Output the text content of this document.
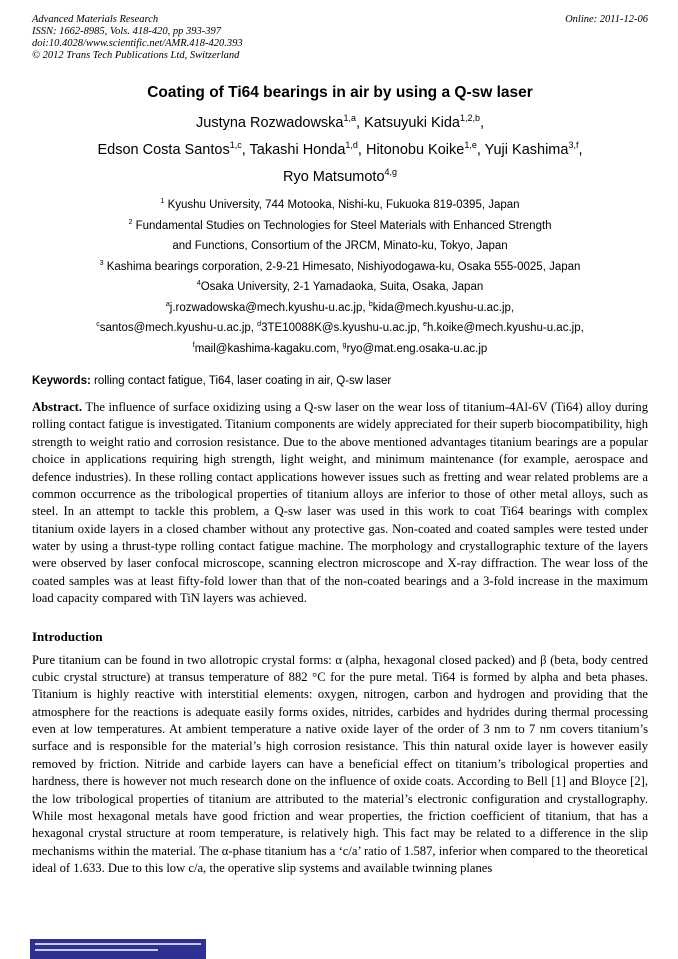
Advanced Materials Research
ISSN: 1662-8985, Vols. 418-420, pp 393-397
doi:10.4028/www.scientific.net/AMR.418-420.393
© 2012 Trans Tech Publications Ltd, Switzerland
Online: 2011-12-06
Coating of Ti64 bearings in air by using a Q-sw laser
Justyna Rozwadowska$^{1,a}$, Katsuyuki Kida$^{1,2,b}$,
Edson Costa Santos$^{1,c}$, Takashi Honda$^{1,d}$, Hitonobu Koike$^{1,e}$, Yuji Kashima$^{3,f}$,
Ryo Matsumoto$^{4,g}$
$^1$ Kyushu University, 744 Motooka, Nishi-ku, Fukuoka 819-0395, Japan
$^2$ Fundamental Studies on Technologies for Steel Materials with Enhanced Strength
and Functions, Consortium of the JRCM, Minato-ku, Tokyo, Japan
$^3$ Kashima bearings corporation, 2-9-21 Himesato, Nishiyodogawa-ku, Osaka 555-0025, Japan
$^4$Osaka University, 2-1 Yamadaoka, Suita, Osaka, Japan
$^a$j.rozwadowska@mech.kyushu-u.ac.jp, $^b$kida@mech.kyushu-u.ac.jp,
$^c$santos@mech.kyushu-u.ac.jp, $^d$3TE10088K@s.kyushu-u.ac.jp, $^e$h.koike@mech.kyushu-u.ac.jp,
$^f$mail@kashima-kagaku.com, $^g$ryo@mat.eng.osaka-u.ac.jp

Keywords: rolling contact fatigue, Ti64, laser coating in air, Q-sw laser

Abstract. The influence of surface oxidizing using a Q-sw laser on the wear loss of titanium-4Al-6V (Ti64) alloy during rolling contact fatigue is investigated. Titanium components are widely appreciated for their superb biocompatibility, high strength to weight ratio and corrosion resistance. Due to the above mentioned advantages titanium bearings are a popular choice in applications requiring high strength, light weight, and minimum maintenance (for example, aerospace and defence industries). In these rolling contact applications however issues such as fretting and wear related problems are a common occurrence as the tribological properties of titanium alloys are inferior to those of other metal alloys, such as steel. In an attempt to tackle this problem, a Q-sw laser was used in this work to coat Ti64 bearings with complex titanium oxide layers in a closed chamber without any protective gas. Non-coated and coated samples were tested under water by using a thrust-type rolling contact fatigue machine. The morphology and crystallographic texture of the layers were observed by laser confocal microscope, scanning electron microscope and X-ray diffraction. The wear loss of the coated samples was at least fifty-fold lower than that of the non-coated bearings and a 3-fold increase in the maximum load capacity compared with TiN layers was achieved.

Introduction

Pure titanium can be found in two allotropic crystal forms: α (alpha, hexagonal closed packed) and β (beta, body centred cubic crystal structure) at transus temperature of 882 °C for the pure metal. Ti64 is formed by alpha and beta phases. Titanium is highly reactive with interstitial elements: oxygen, nitrogen, carbon and hydrogen and providing that the atmosphere for the reactions is adequate easily forms oxides, nitrides, carbides and hydrides during thermal processing even at low temperatures. At ambient temperature a native oxide layer of the order of 3 nm to 7 nm covers titanium’s surface and is responsible for the material’s high corrosion resistance. This thin natural oxide layer is however easily removed by friction. Nitride and carbide layers can have a beneficial effect on titanium’s tribological properties and hardness, there is however not much research done on the influence of oxide coats. According to Bell [1] and Bloyce [2], the low tribological properties of titanium are attributed to the material’s electronic configuration and crystallography. While most hexagonal metals have good friction and wear properties, the friction coefficient of titanium, that has a hexagonal crystal structure at room temperature, is relatively high. This fact may be related to a difference in the slip mechanisms within the material. The α-phase titanium has a ‘c/a’ ratio of 1.587, inferior when compared to the theoretical ideal of 1.633. Due to this low c/a, the operative slip systems and available twinning planes
